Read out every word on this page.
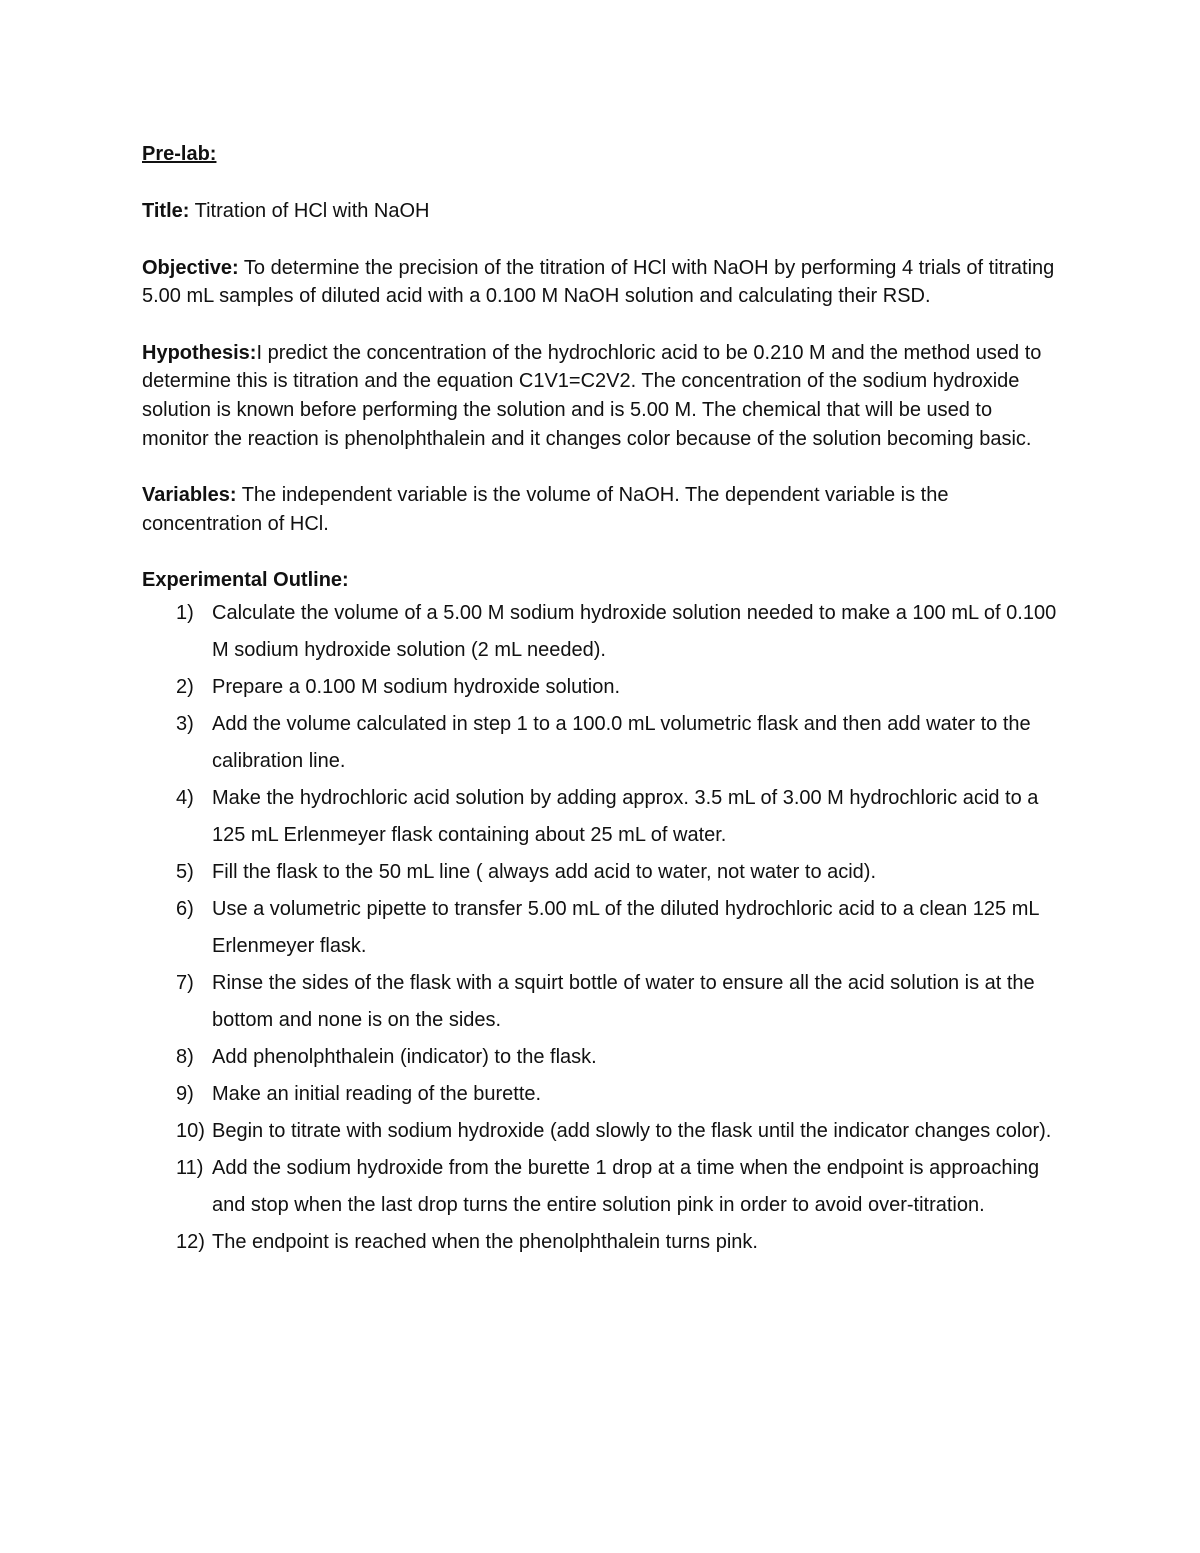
Pre-lab:

Title: Titration of HCl with NaOH

Objective: To determine the precision of the titration of HCl with NaOH by performing 4 trials of titrating 5.00 mL samples of diluted acid with a 0.100 M NaOH solution and calculating their RSD.

Hypothesis:I predict the concentration of the hydrochloric acid to be 0.210 M and the method used to determine this is titration and the equation C1V1=C2V2. The concentration of the sodium hydroxide solution is known before performing the solution and is 5.00 M. The chemical that will be used to monitor the reaction is phenolphthalein and it changes color because of the solution becoming basic.

Variables: The independent variable is the volume of NaOH. The dependent variable is the concentration of HCl.

Experimental Outline:

1) Calculate the volume of a 5.00 M sodium hydroxide solution needed to make a 100 mL of 0.100 M sodium hydroxide solution (2 mL needed).
2) Prepare a 0.100 M sodium hydroxide solution.
3) Add the volume calculated in step 1 to a 100.0 mL volumetric flask and then add water to the calibration line.
4) Make the hydrochloric acid solution by adding approx. 3.5 mL of 3.00 M hydrochloric acid to a 125 mL Erlenmeyer flask containing about 25 mL of water.
5) Fill the flask to the 50 mL line ( always add acid to water, not water to acid).
6) Use a volumetric pipette to transfer 5.00 mL of the diluted hydrochloric acid to a clean 125 mL Erlenmeyer flask.
7) Rinse the sides of the flask with a squirt bottle of water to ensure all the acid solution is at the bottom and none is on the sides.
8) Add phenolphthalein (indicator) to the flask.
9) Make an initial reading of the burette.
10) Begin to titrate with sodium hydroxide (add slowly to the flask until the indicator changes color).
11) Add the sodium hydroxide from the burette 1 drop at a time when the endpoint is approaching and stop when the last drop turns the entire solution pink in order to avoid over-titration.
12) The endpoint is reached when the phenolphthalein turns pink.
